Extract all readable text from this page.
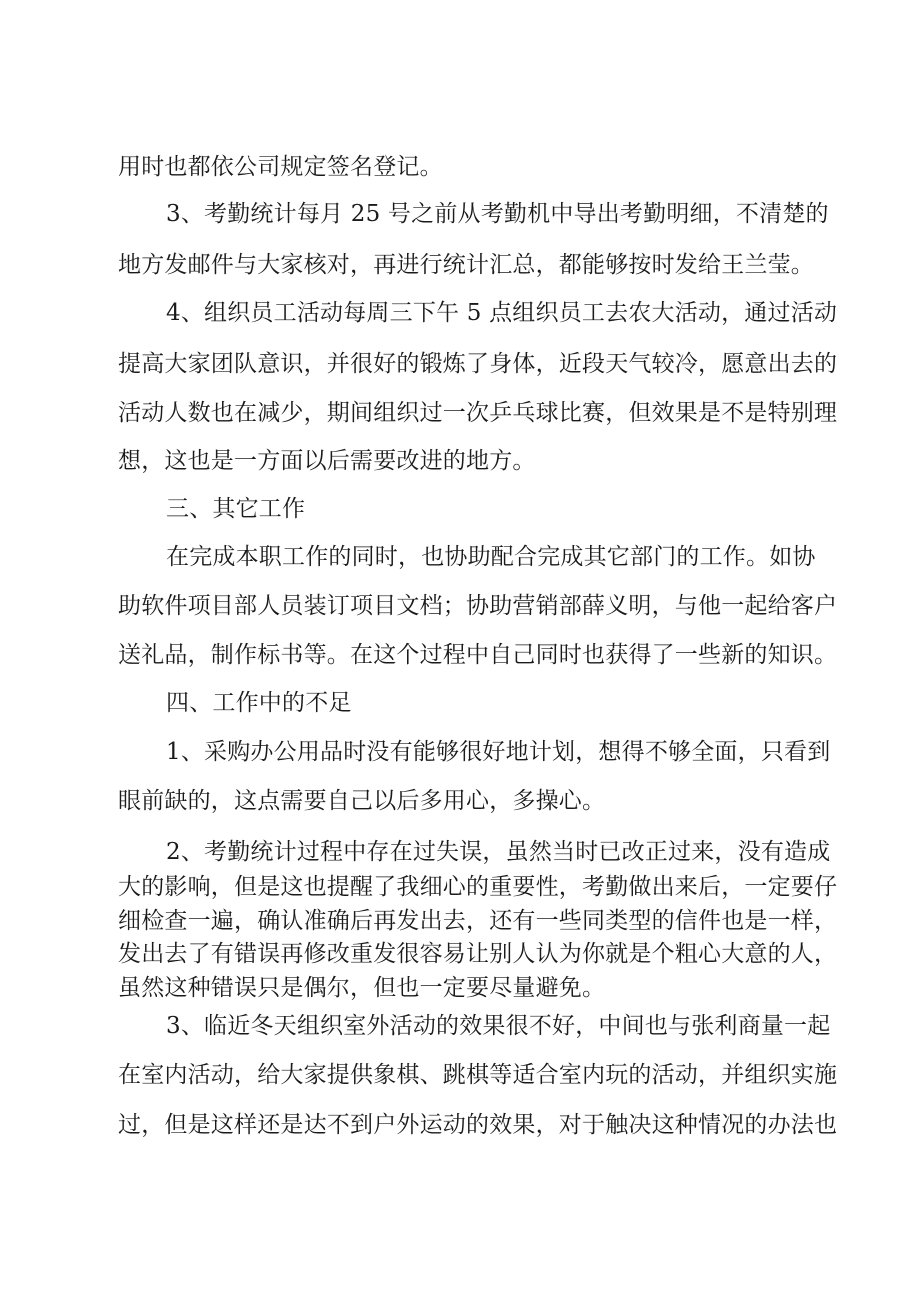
用时也都依公司规定签名登记。
3、考勤统计每月 25 号之前从考勤机中导出考勤明细，不清楚的
地方发邮件与大家核对，再进行统计汇总，都能够按时发给王兰莹。
4、组织员工活动每周三下午 5 点组织员工去农大活动，通过活动
提高大家团队意识，并很好的锻炼了身体，近段天气较冷，愿意出去的
活动人数也在减少，期间组织过一次乒乓球比赛，但效果是不是特别理
想，这也是一方面以后需要改进的地方。
三、其它工作
在完成本职工作的同时，也协助配合完成其它部门的工作。如协
助软件项目部人员装订项目文档；协助营销部薛义明，与他一起给客户
送礼品，制作标书等。在这个过程中自己同时也获得了一些新的知识。
四、工作中的不足
1、采购办公用品时没有能够很好地计划，想得不够全面，只看到
眼前缺的，这点需要自己以后多用心，多操心。
2、考勤统计过程中存在过失误，虽然当时已改正过来，没有造成
大的影响，但是这也提醒了我细心的重要性，考勤做出来后，一定要仔
细检查一遍，确认准确后再发出去，还有一些同类型的信件也是一样，
发出去了有错误再修改重发很容易让别人认为你就是个粗心大意的人，
虽然这种错误只是偶尔，但也一定要尽量避免。
3、临近冬天组织室外活动的效果很不好，中间也与张利商量一起
在室内活动，给大家提供象棋、跳棋等适合室内玩的活动，并组织实施
过，但是这样还是达不到户外运动的效果，对于触决这种情况的办法也
